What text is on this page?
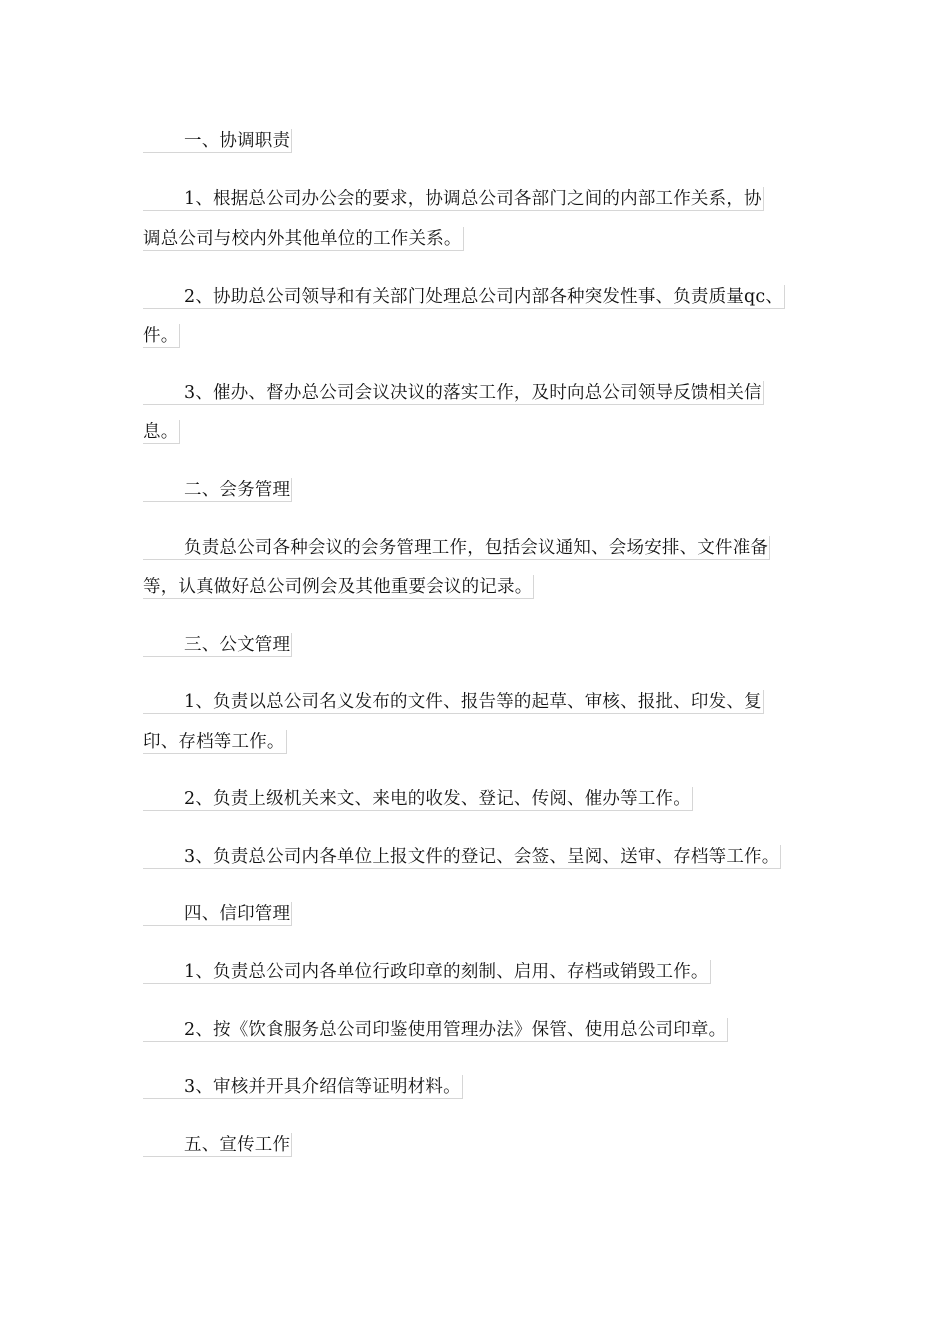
一、协调职责
1、根据总公司办公会的要求，协调总公司各部门之间的内部工作关系，协
调总公司与校内外其他单位的工作关系。
2、协助总公司领导和有关部门处理总公司内部各种突发性事、负责质量qc、
件。
3、催办、督办总公司会议决议的落实工作，及时向总公司领导反馈相关信
息。
二、会务管理
负责总公司各种会议的会务管理工作，包括会议通知、会场安排、文件准备
等，认真做好总公司例会及其他重要会议的记录。
三、公文管理
1、负责以总公司名义发布的文件、报告等的起草、审核、报批、印发、复
印、存档等工作。
2、负责上级机关来文、来电的收发、登记、传阅、催办等工作。
3、负责总公司内各单位上报文件的登记、会签、呈阅、送审、存档等工作。
四、信印管理
1、负责总公司内各单位行政印章的刻制、启用、存档或销毁工作。
2、按《饮食服务总公司印鉴使用管理办法》保管、使用总公司印章。
3、审核并开具介绍信等证明材料。
五、宣传工作
